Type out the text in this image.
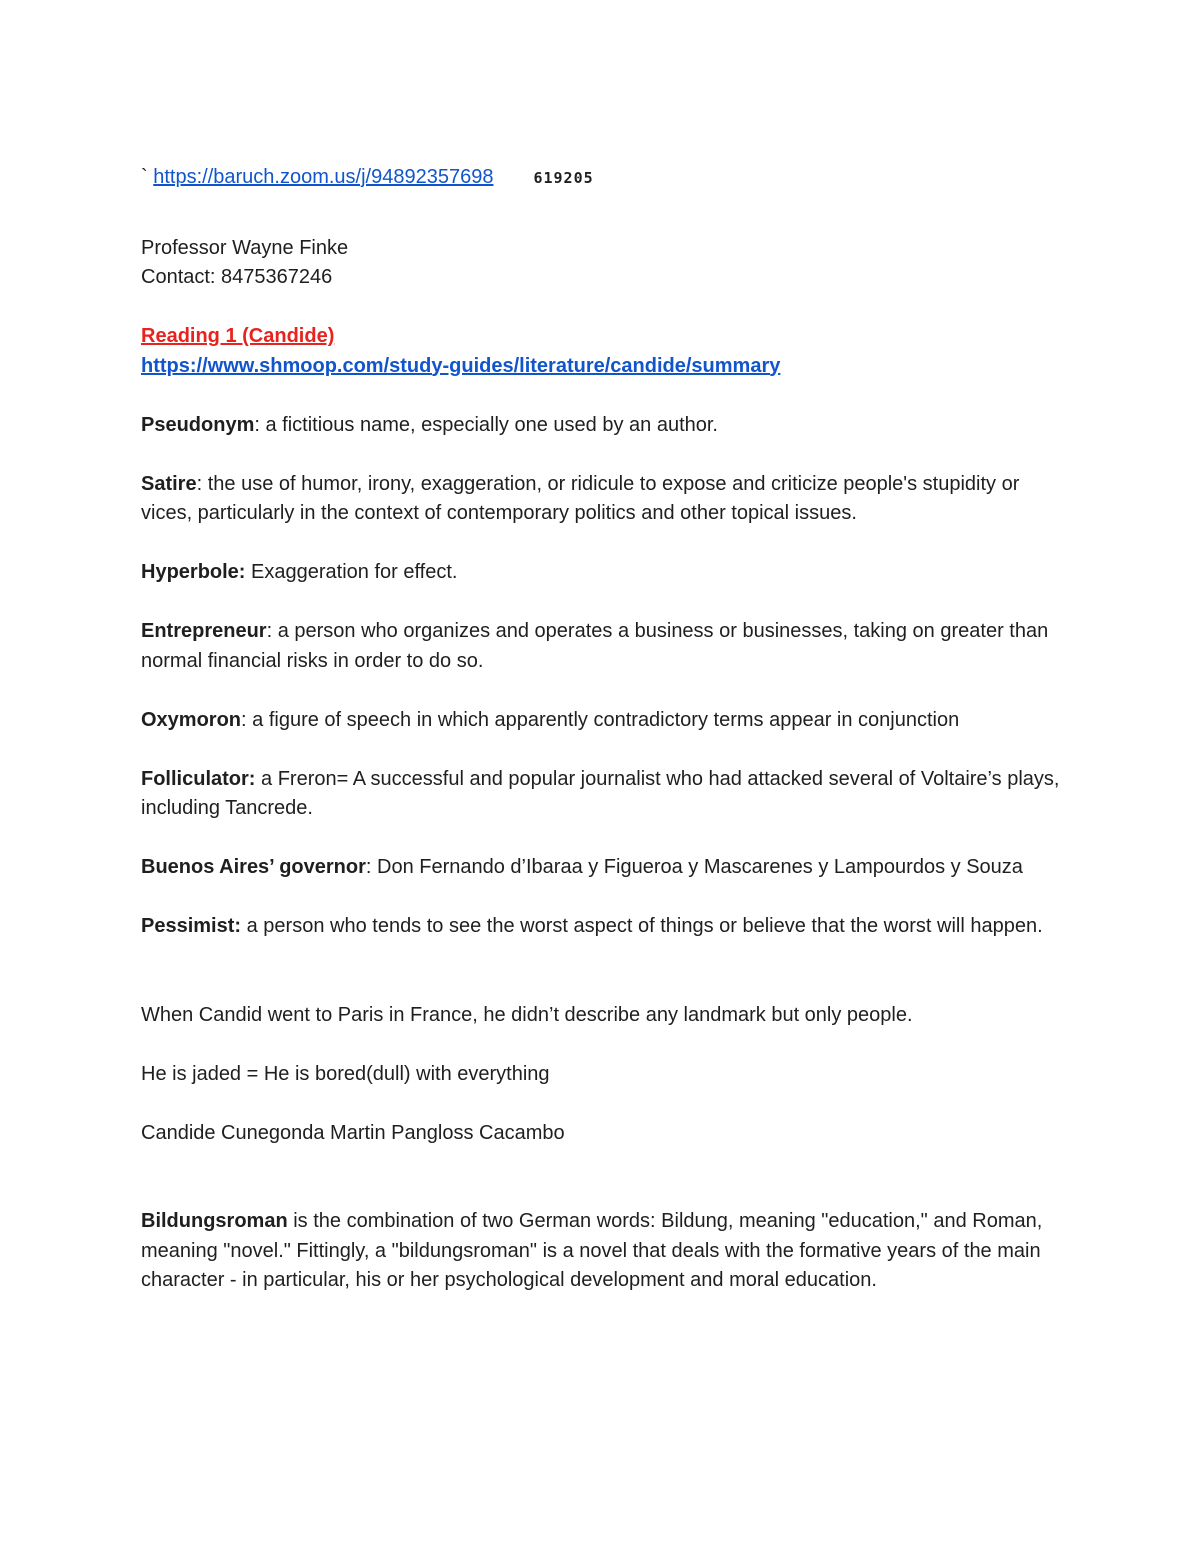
` https://baruch.zoom.us/j/94892357698	619205

Professor Wayne Finke

Contact: 8475367246

Reading 1 (Candide)

https://www.shmoop.com/study-guides/literature/candide/summary

Pseudonym: a fictitious name, especially one used by an author.

Satire: the use of humor, irony, exaggeration, or ridicule to expose and criticize people's stupidity or vices, particularly in the context of contemporary politics and other topical issues.

Hyperbole: Exaggeration for effect.

Entrepreneur: a person who organizes and operates a business or businesses, taking on greater than normal financial risks in order to do so.

Oxymoron: a figure of speech in which apparently contradictory terms appear in conjunction

Folliculator: a Freron= A successful and popular journalist who had attacked several of Voltaire’s plays, including Tancrede.

Buenos Aires’ governor: Don Fernando d’Ibaraa y Figueroa y Mascarenes y Lampourdos y Souza

Pessimist: a person who tends to see the worst aspect of things or believe that the worst will happen.

When Candid went to Paris in France, he didn’t describe any landmark but only people.

He is jaded = He is bored(dull) with everything

Candide Cunegonda Martin Pangloss Cacambo

Bildungsroman is the combination of two German words: Bildung, meaning "education," and Roman, meaning "novel." Fittingly, a "bildungsroman" is a novel that deals with the formative years of the main character - in particular, his or her psychological development and moral education.
